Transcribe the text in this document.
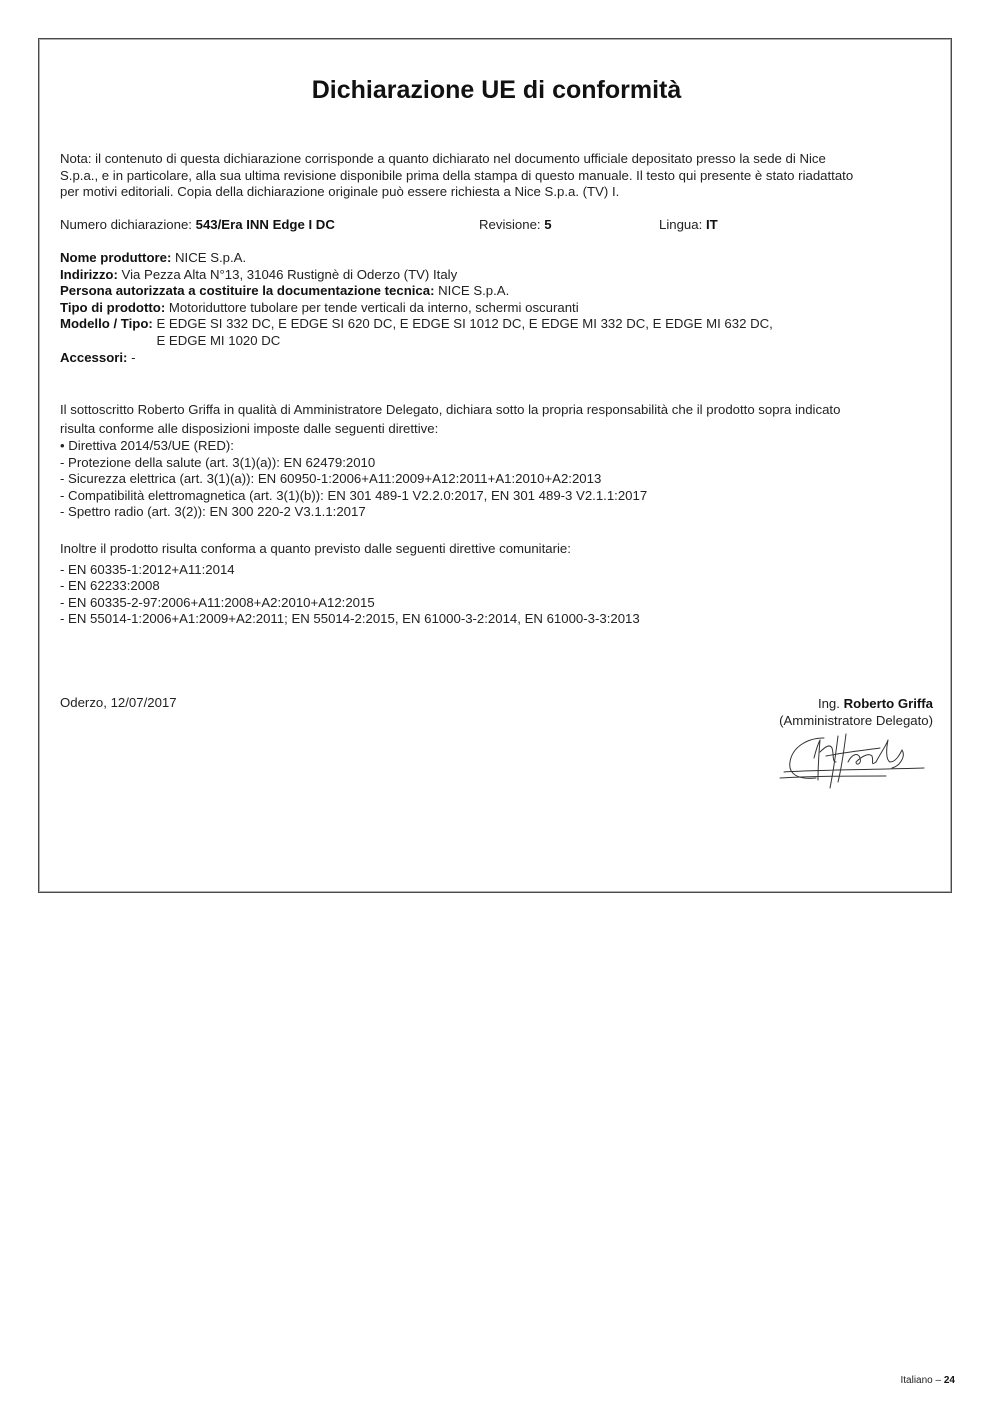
Dichiarazione UE di conformità
Nota: il contenuto di questa dichiarazione corrisponde a quanto dichiarato nel documento ufficiale depositato presso la sede di Nice
S.p.a., e in particolare, alla sua ultima revisione disponibile prima della stampa di questo manuale. Il testo qui presente è stato riadattato
per motivi editoriali. Copia della dichiarazione originale può essere richiesta a Nice S.p.a. (TV) I.
Numero dichiarazione: 543/Era INN Edge I DC	Revisione: 5	Lingua: IT
Nome produttore: NICE S.p.A.
Indirizzo: Via Pezza Alta N°13, 31046 Rustignè di Oderzo (TV) Italy
Persona autorizzata a costituire la documentazione tecnica: NICE S.p.A.
Tipo di prodotto: Motoriduttore tubolare per tende verticali da interno, schermi oscuranti
Modello / Tipo: E EDGE SI 332 DC, E EDGE SI 620 DC, E EDGE SI 1012 DC, E EDGE MI 332 DC, E EDGE MI 632 DC,
E EDGE MI 1020 DC
Accessori: -
Il sottoscritto Roberto Griffa in qualità di Amministratore Delegato, dichiara sotto la propria responsabilità che il prodotto sopra indicato
risulta conforme alle disposizioni imposte dalle seguenti direttive:
• Direttiva 2014/53/UE (RED):
- Protezione della salute (art. 3(1)(a)): EN 62479:2010
- Sicurezza elettrica (art. 3(1)(a)): EN 60950-1:2006+A11:2009+A12:2011+A1:2010+A2:2013
- Compatibilità elettromagnetica (art. 3(1)(b)): EN 301 489-1 V2.2.0:2017, EN 301 489-3 V2.1.1:2017
- Spettro radio (art. 3(2)): EN 300 220-2 V3.1.1:2017
Inoltre il prodotto risulta conforma a quanto previsto dalle seguenti direttive comunitarie:
- EN 60335-1:2012+A11:2014
- EN 62233:2008
- EN 60335-2-97:2006+A11:2008+A2:2010+A12:2015
- EN 55014-1:2006+A1:2009+A2:2011; EN 55014-2:2015, EN 61000-3-2:2014, EN 61000-3-3:2013
Oderzo, 12/07/2017	Ing. Roberto Griffa
(Amministratore Delegato)
Italiano – 24
